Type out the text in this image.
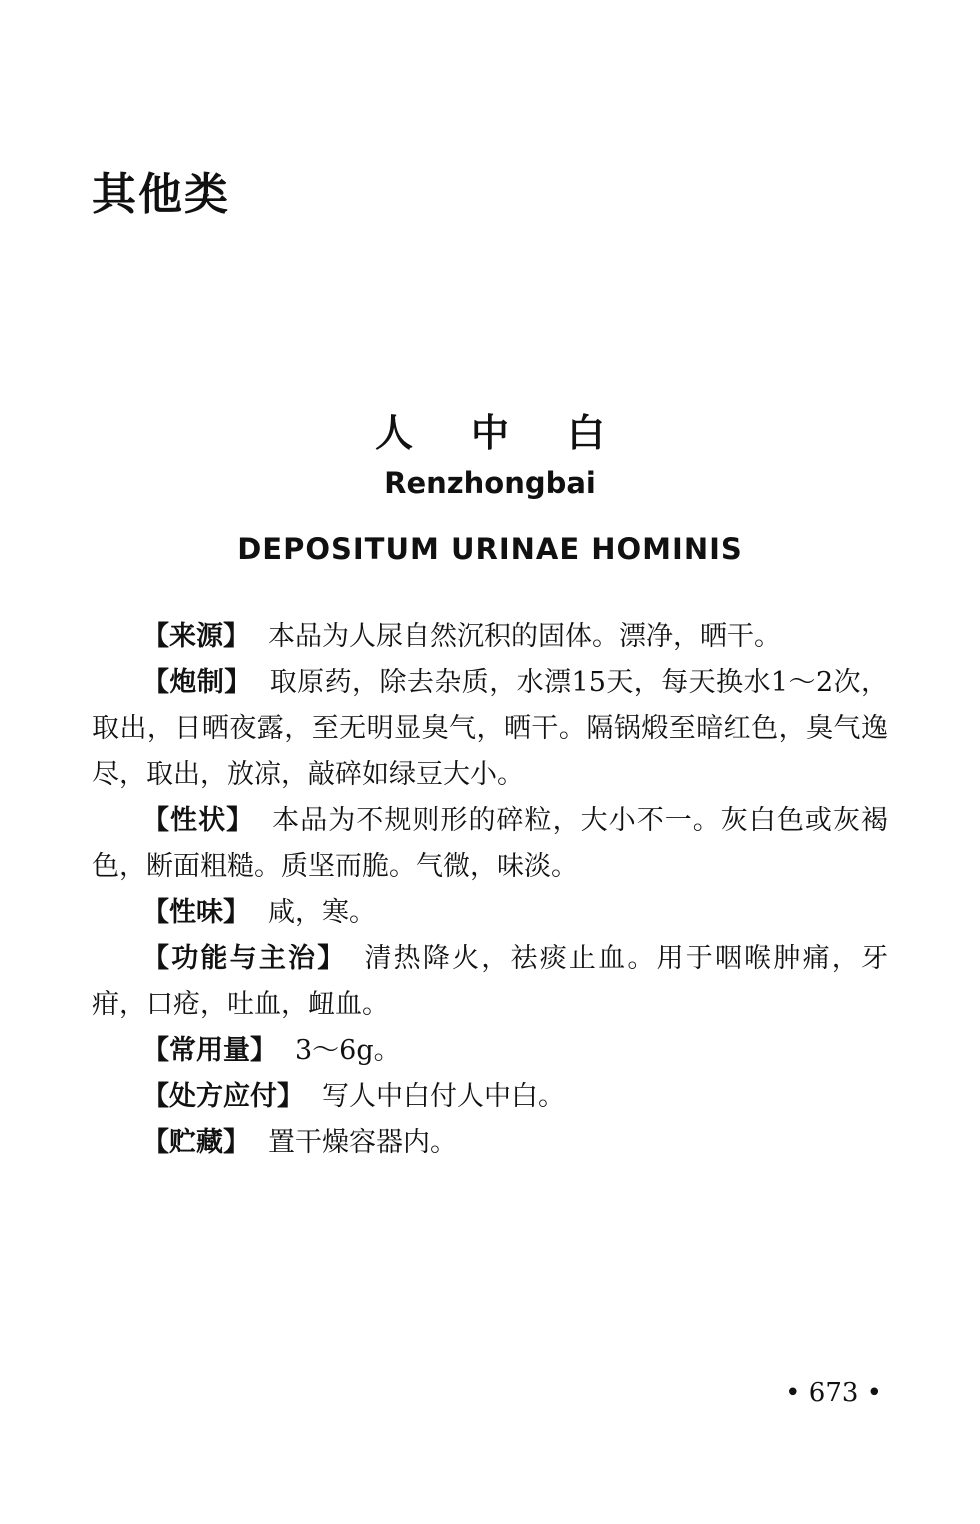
其他类
人中白
Renzhongbai
DEPOSITUM URINAE HOMINIS

【来源】 本品为人尿自然沉积的固体。漂净，晒干。

【炮制】 取原药，除去杂质，水漂15天，每天换水1～2次，取出，日晒夜露，至无明显臭气，晒干。隔锅煅至暗红色，臭气逸尽，取出，放凉，敲碎如绿豆大小。

【性状】 本品为不规则形的碎粒，大小不一。灰白色或灰褐色，断面粗糙。质坚而脆。气微，味淡。

【性味】 咸，寒。

【功能与主治】 清热降火，祛痰止血。用于咽喉肿痛，牙疳，口疮，吐血，衄血。

【常用量】 3～6g。

【处方应付】 写人中白付人中白。

【贮藏】 置干燥容器内。

• 673 •
